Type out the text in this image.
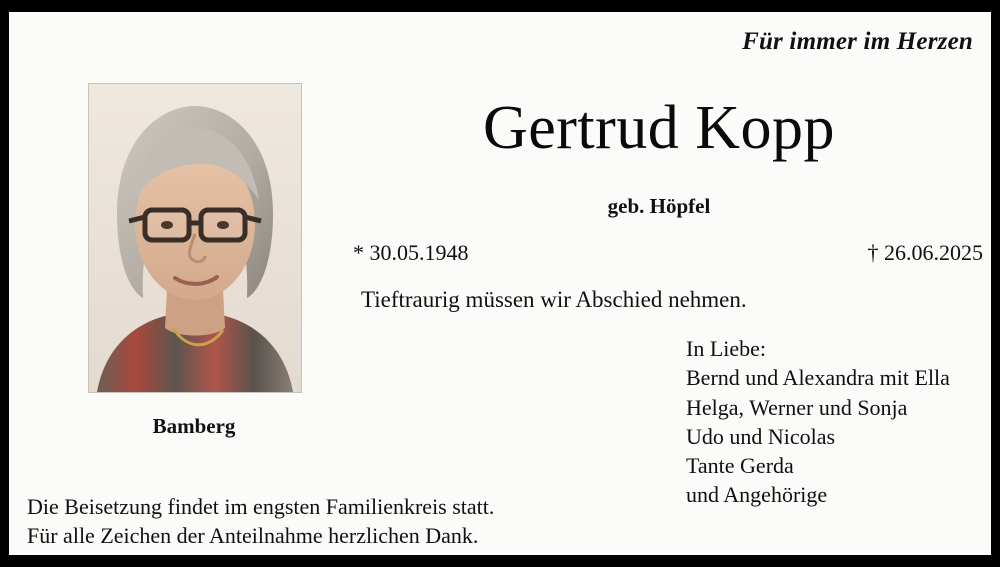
Für immer im Herzen
Bamberg
Gertrud Kopp
geb. Höpfel
* 30.05.1948	† 26.06.2025
Tieftraurig müssen wir Abschied nehmen.
In Liebe:
Bernd und Alexandra mit Ella
Helga, Werner und Sonja
Udo und Nicolas
Tante Gerda
und Angehörige
Die Beisetzung findet im engsten Familienkreis statt.
Für alle Zeichen der Anteilnahme herzlichen Dank.
